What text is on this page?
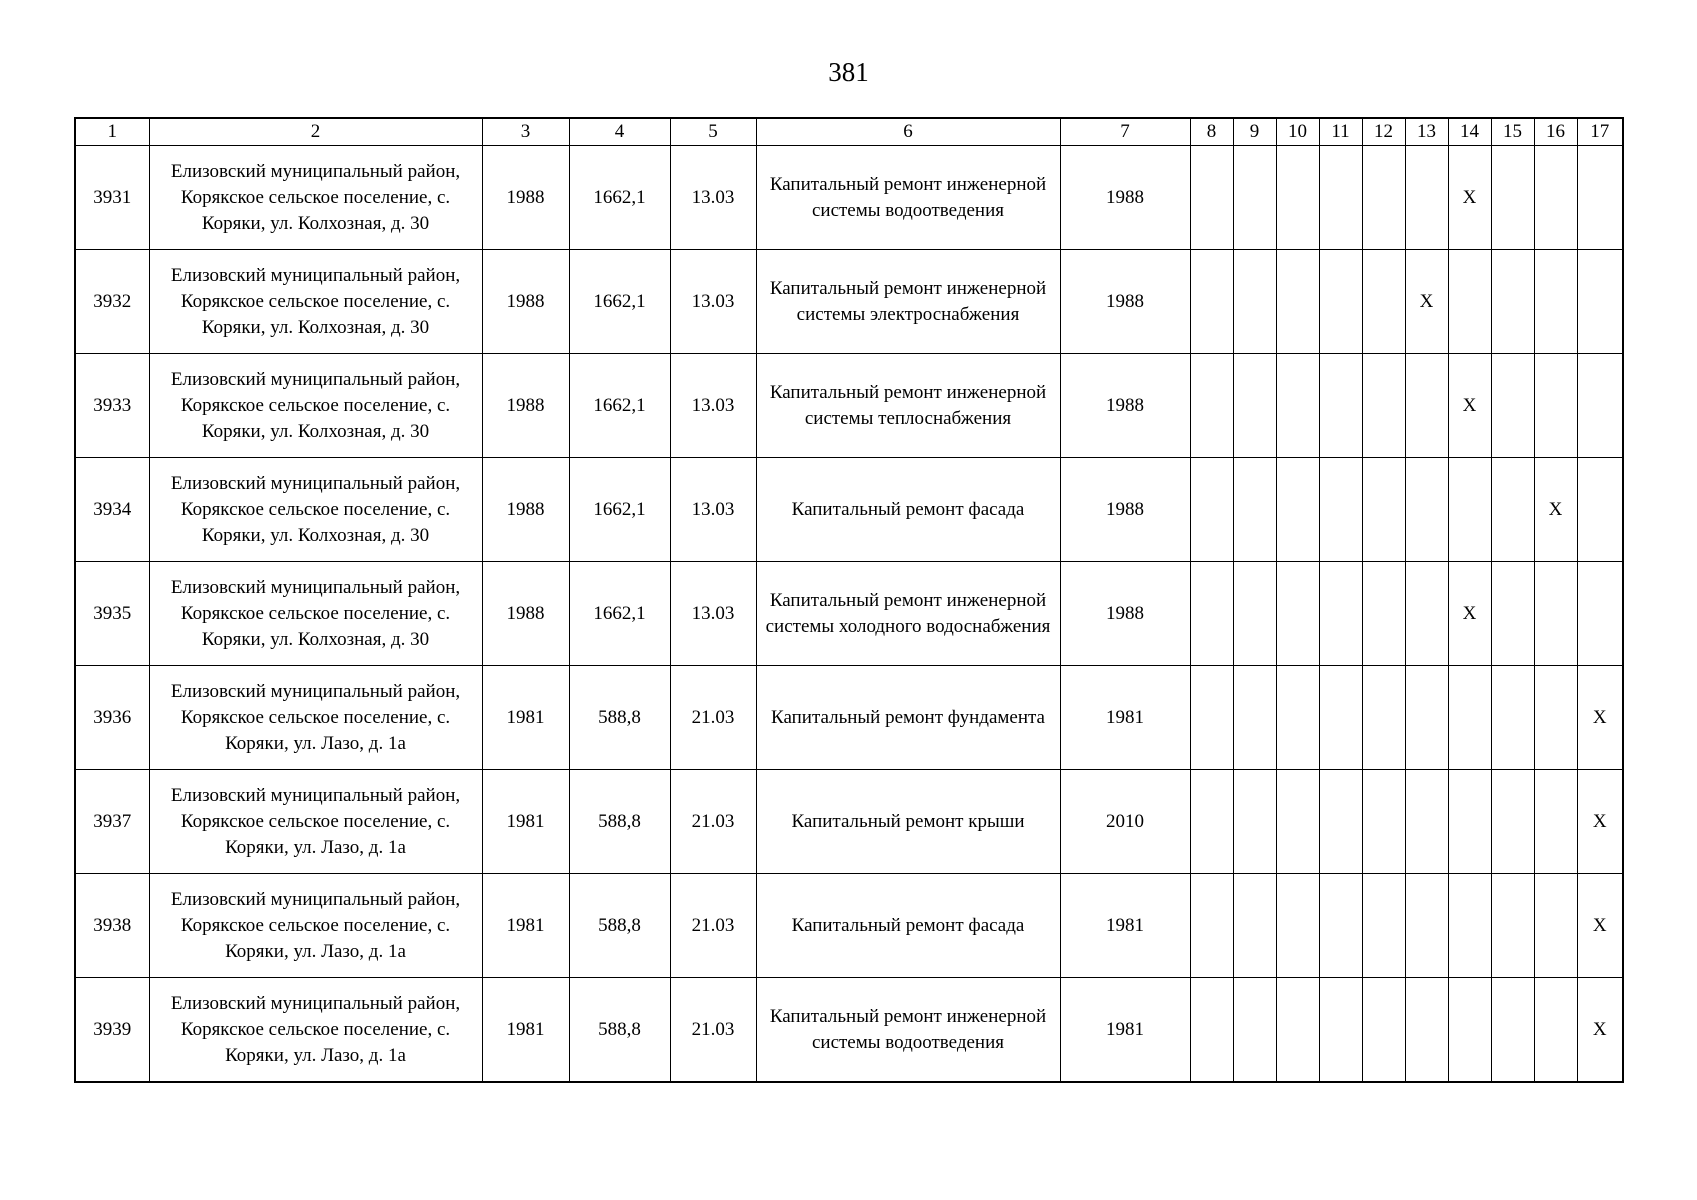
381
1	2	3	4	5	6	7	8	9	10	11	12	13	14	15	16	17
3931	Елизовский муниципальный район, Корякское сельское поселение, с. Коряки, ул. Колхозная, д. 30	1988	1662,1	13.03	Капитальный ремонт инженерной системы водоотведения	1988							X			
3932	Елизовский муниципальный район, Корякское сельское поселение, с. Коряки, ул. Колхозная, д. 30	1988	1662,1	13.03	Капитальный ремонт инженерной системы электроснабжения	1988						X				
3933	Елизовский муниципальный район, Корякское сельское поселение, с. Коряки, ул. Колхозная, д. 30	1988	1662,1	13.03	Капитальный ремонт инженерной системы теплоснабжения	1988							X			
3934	Елизовский муниципальный район, Корякское сельское поселение, с. Коряки, ул. Колхозная, д. 30	1988	1662,1	13.03	Капитальный ремонт фасада	1988									X	
3935	Елизовский муниципальный район, Корякское сельское поселение, с. Коряки, ул. Колхозная, д. 30	1988	1662,1	13.03	Капитальный ремонт инженерной системы холодного водоснабжения	1988							X			
3936	Елизовский муниципальный район, Корякское сельское поселение, с. Коряки, ул. Лазо, д. 1а	1981	588,8	21.03	Капитальный ремонт фундамента	1981										X
3937	Елизовский муниципальный район, Корякское сельское поселение, с. Коряки, ул. Лазо, д. 1а	1981	588,8	21.03	Капитальный ремонт крыши	2010										X
3938	Елизовский муниципальный район, Корякское сельское поселение, с. Коряки, ул. Лазо, д. 1а	1981	588,8	21.03	Капитальный ремонт фасада	1981										X
3939	Елизовский муниципальный район, Корякское сельское поселение, с. Коряки, ул. Лазо, д. 1а	1981	588,8	21.03	Капитальный ремонт инженерной системы водоотведения	1981										X
